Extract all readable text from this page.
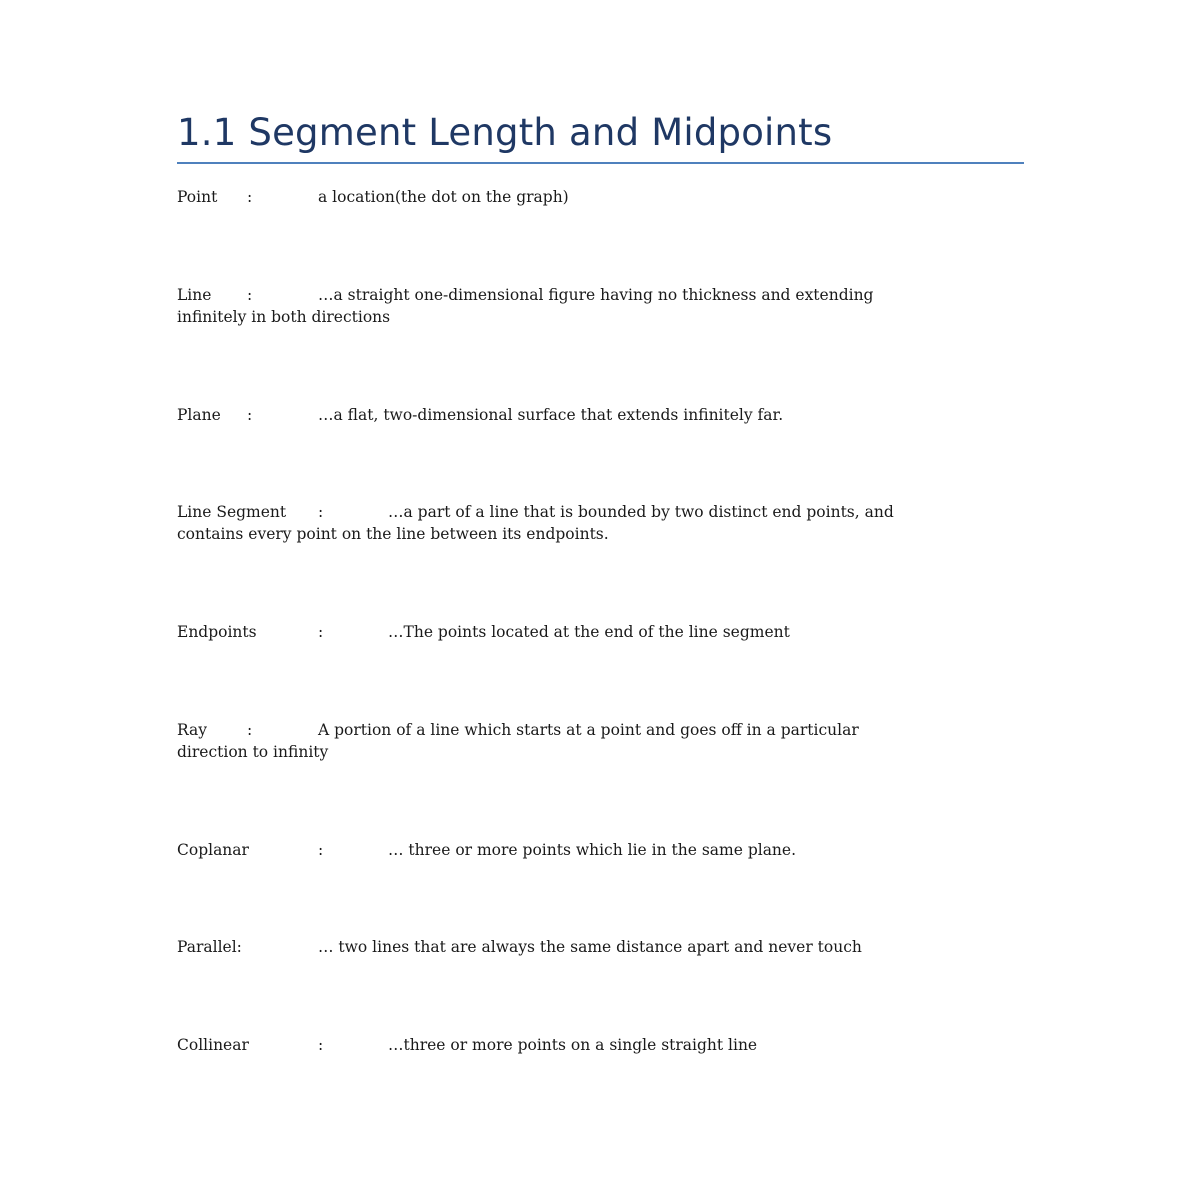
1.1 Segment Length and Midpoints

Point :	a location(the dot on the graph)

Line :	…a straight one-dimensional figure having no thickness and extending
infinitely in both directions

Plane :	…a flat, two-dimensional surface that extends infinitely far.

Line Segment :	…a part of a line that is bounded by two distinct end points, and
contains every point on the line between its endpoints.

Endpoints	:	…The points located at the end of the line segment

Ray	:	A portion of a line which starts at a point and goes off in a particular
direction to infinity

Coplanar	:	… three or more points which lie in the same plane.

Parallel:	… two lines that are always the same distance apart and never touch

Collinear	:	…three or more points on a single straight line
